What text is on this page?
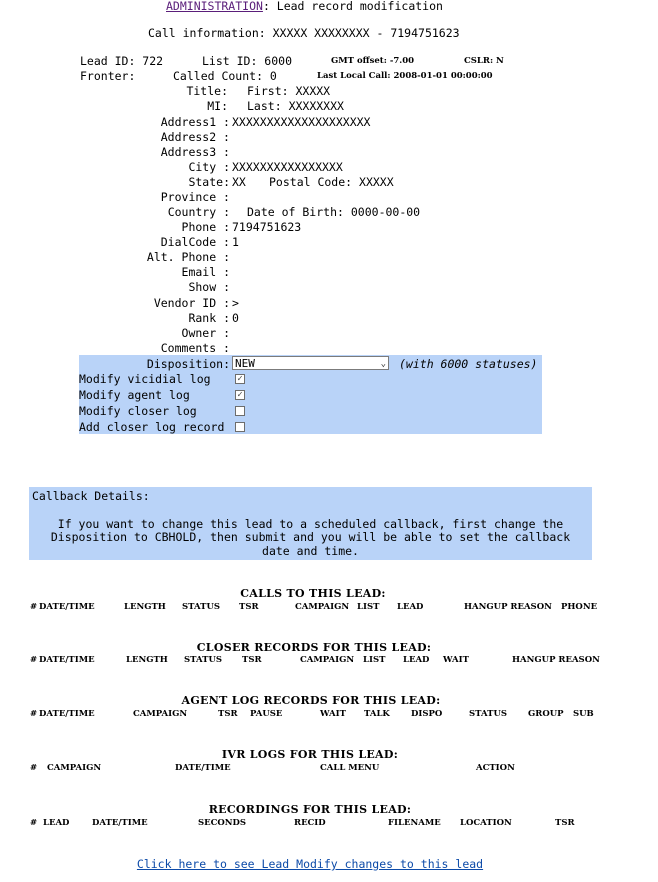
ADMINISTRATION: Lead record modification
Call information: XXXXX XXXXXXXX - 7194751623
Lead ID: 722	List ID: 6000	GMT offset: -7.00	CSLR: N
Fronter:	Called Count: 0	Last Local Call: 2008-01-01 00:00:00
Title: First: XXXXX
MI: Last: XXXXXXXX
Address1 : XXXXXXXXXXXXXXXXXXXX
Address2 :
Address3 :
City : XXXXXXXXXXXXXXXX
State: XX Postal Code: XXXXX
Province :
Country : Date of Birth: 0000-00-00
Phone : 7194751623
DialCode : 1
Alt. Phone :
Email :
Show :
Vendor ID : >
Rank : 0
Owner :
Comments :
Disposition: NEW	⌄ (with 6000 statuses)
Modify vicidial log	✓
Modify agent log	✓
Modify closer log
Add closer log record
Callback Details:
If you want to change this lead to a scheduled callback, first change the
Disposition to CBHOLD, then submit and you will be able to set the callback
date and time.
CALLS TO THIS LEAD:
# DATE/TIME	LENGTH STATUS TSR	CAMPAIGN LIST LEAD	HANGUP REASON PHONE
CLOSER RECORDS FOR THIS LEAD:
# DATE/TIME	LENGTH STATUS TSR	CAMPAIGN LIST LEAD WAIT	HANGUP REASON
AGENT LOG RECORDS FOR THIS LEAD:
# DATE/TIME	CAMPAIGN	TSR PAUSE	WAIT TALK DISPO	STATUS GROUP SUB
IVR LOGS FOR THIS LEAD:
# CAMPAIGN	DATE/TIME	CALL MENU	ACTION
RECORDINGS FOR THIS LEAD:
# LEAD	DATE/TIME	SECONDS	RECID	FILENAME LOCATION	TSR
Click here to see Lead Modify changes to this lead
